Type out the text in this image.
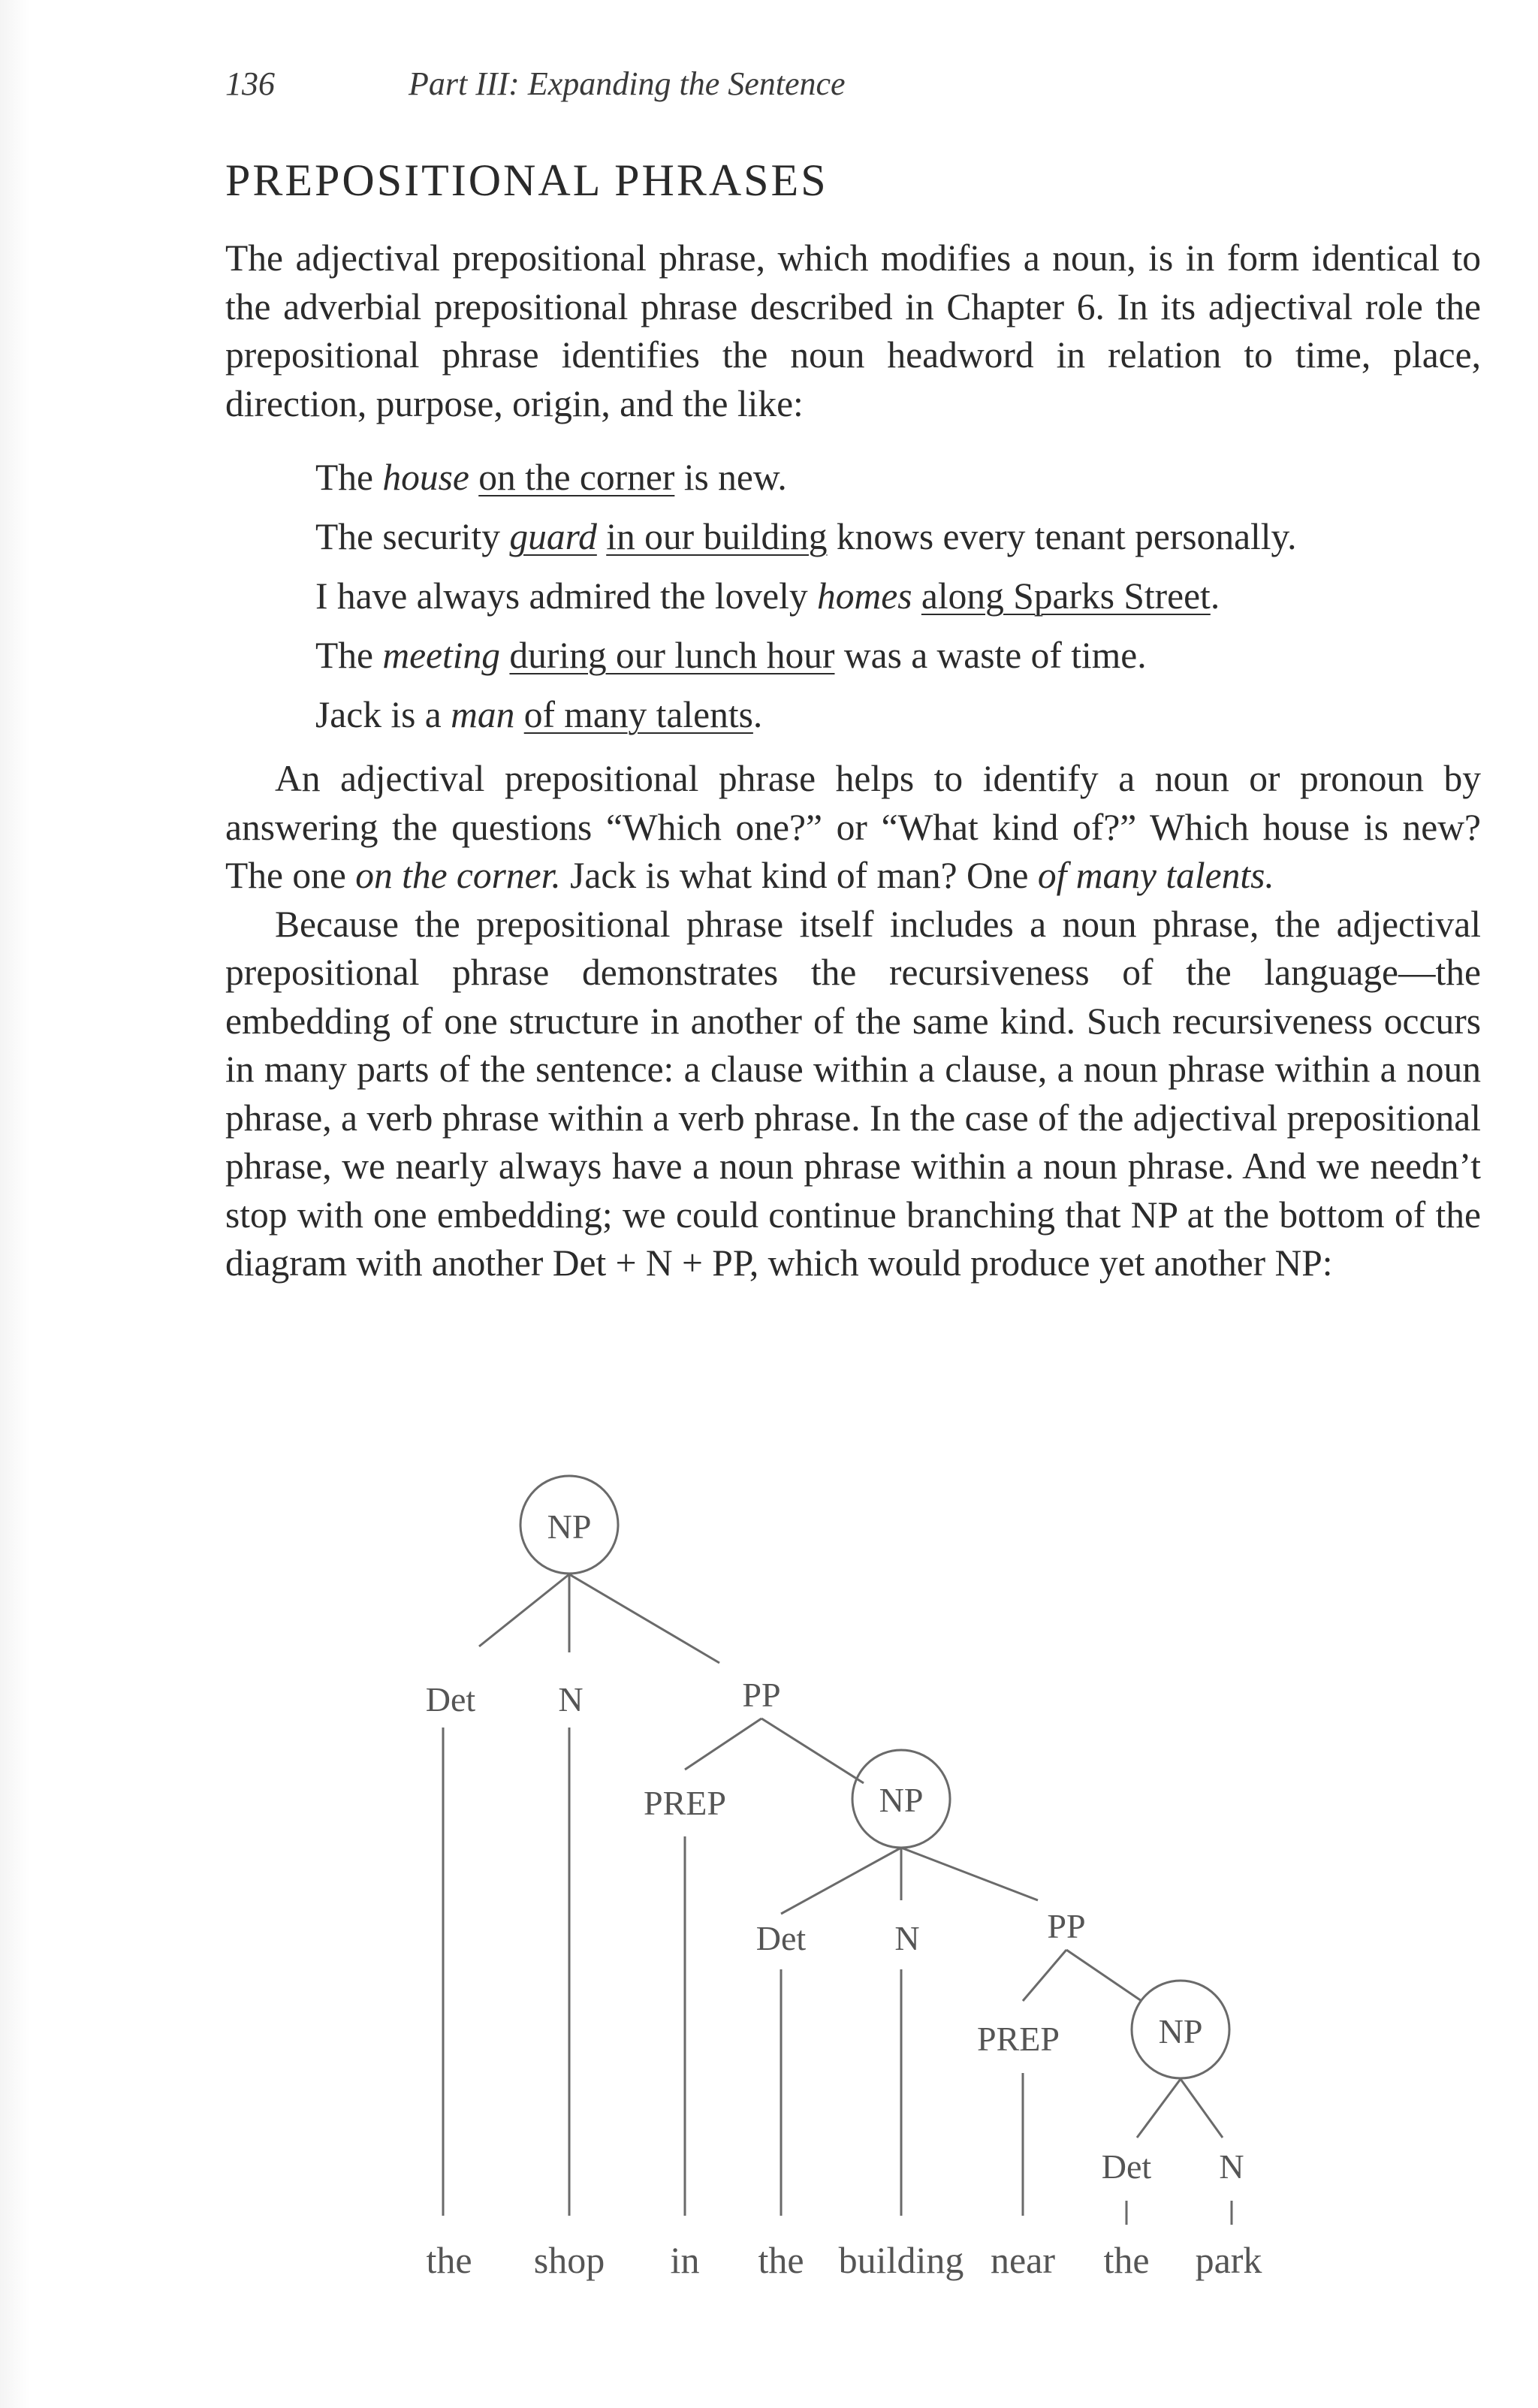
136	Part III: Expanding the Sentence
PREPOSITIONAL PHRASES

The adjectival prepositional phrase, which modifies a noun, is in form identical to the adverbial prepositional phrase described in Chapter 6. In its adjectival role the prepositional phrase identifies the noun headword in relation to time, place, direction, purpose, origin, and the like:

The house on the corner is new.
The security guard in our building knows every tenant personally.
I have always admired the lovely homes along Sparks Street.
The meeting during our lunch hour was a waste of time.
Jack is a man of many talents.

An adjectival prepositional phrase helps to identify a noun or pronoun by answering the questions “Which one?” or “What kind of?” Which house is new? The one on the corner. Jack is what kind of man? One of many talents.

Because the prepositional phrase itself includes a noun phrase, the adjectival prepositional phrase demonstrates the recursiveness of the language—the embedding of one structure in another of the same kind. Such recursiveness occurs in many parts of the sentence: a clause within a clause, a noun phrase within a noun phrase, a verb phrase within a verb phrase. In the case of the adjectival prepositional phrase, we nearly always have a noun phrase within a noun phrase. And we needn’t stop with one embedding; we could continue branching that NP at the bottom of the diagram with another Det + N + PP, which would produce yet another NP:

NP
Det N	PP
PREP	NP
Det	N	PP
PREP	NP
Det N
the shop in the building near the park
